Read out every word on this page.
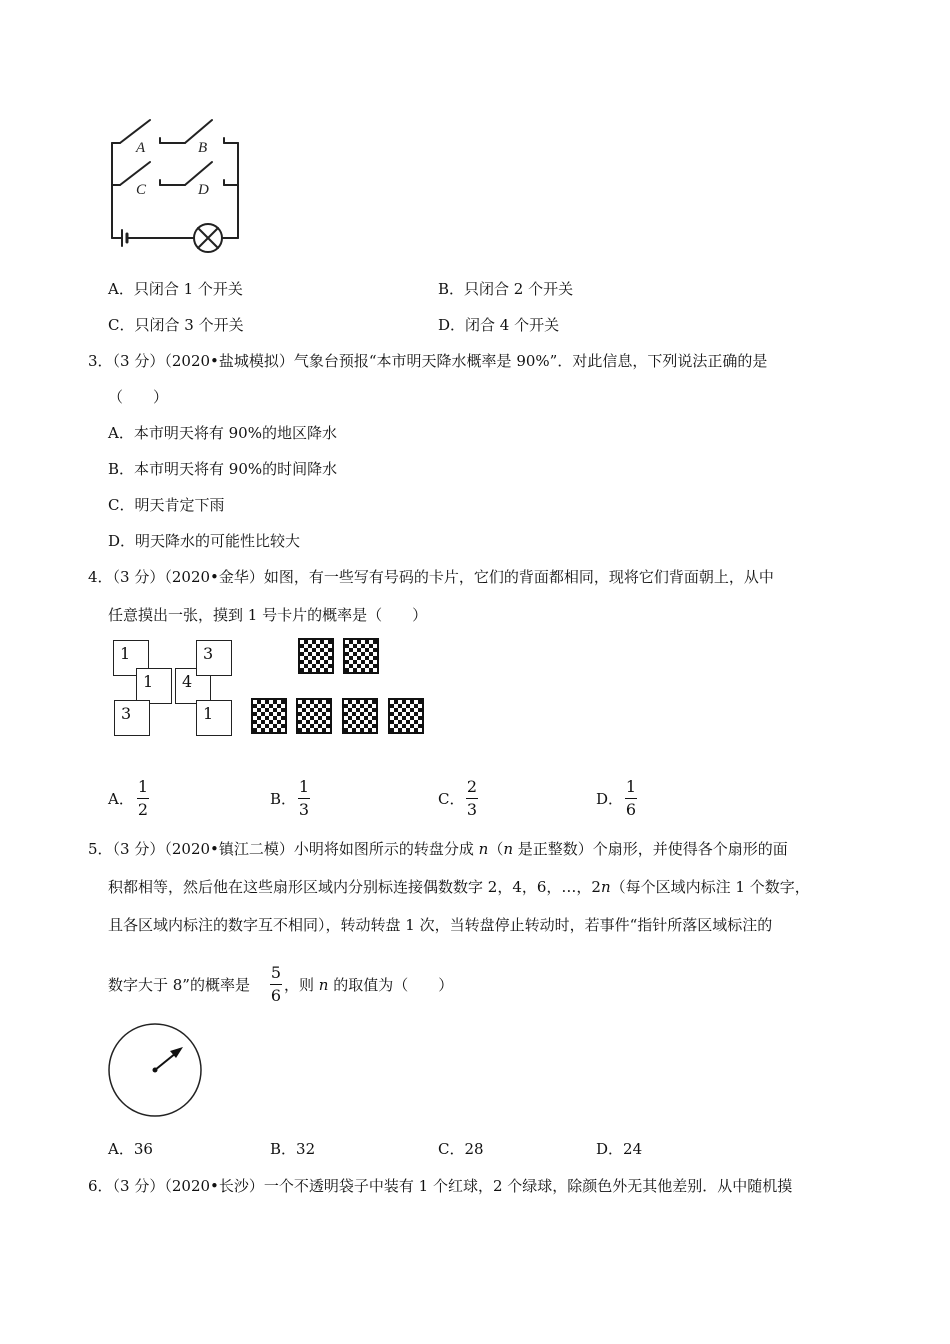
A	B
C	D
A．只闭合 1 个开关	B．只闭合 2 个开关
C．只闭合 3 个开关	D．闭合 4 个开关
3．（3 分）（2020•盐城模拟）气象台预报“本市明天降水概率是 90%”．对此信息，下列说法正确的是
（　　）
A．本市明天将有 90%的地区降水
B．本市明天将有 90%的时间降水
C．明天肯定下雨
D．明天降水的可能性比较大
4．（3 分）（2020•金华）如图，有一些写有号码的卡片，它们的背面都相同，现将它们背面朝上，从中
任意摸出一张，摸到 1 号卡片的概率是（　　）
1
1	4
3
3	1
A．
1
2
B．
1
3
C．
2
3
D．
1
6
5．（3 分）（2020•镇江二模）小明将如图所示的转盘分成 n（n 是正整数）个扇形，并使得各个扇形的面
积都相等，然后他在这些扇形区域内分别标连接偶数数字 2，4，6，…，2n（每个区域内标注 1 个数字，
且各区域内标注的数字互不相同），转动转盘 1 次，当转盘停止转动时，若事件“指针所落区域标注的
数字大于 8”的概率是
5
6
，则 n 的取值为（　　）
A．36	B．32	C．28	D．24
6．（3 分）（2020•长沙）一个不透明袋子中装有 1 个红球，2 个绿球，除颜色外无其他差别．从中随机摸
